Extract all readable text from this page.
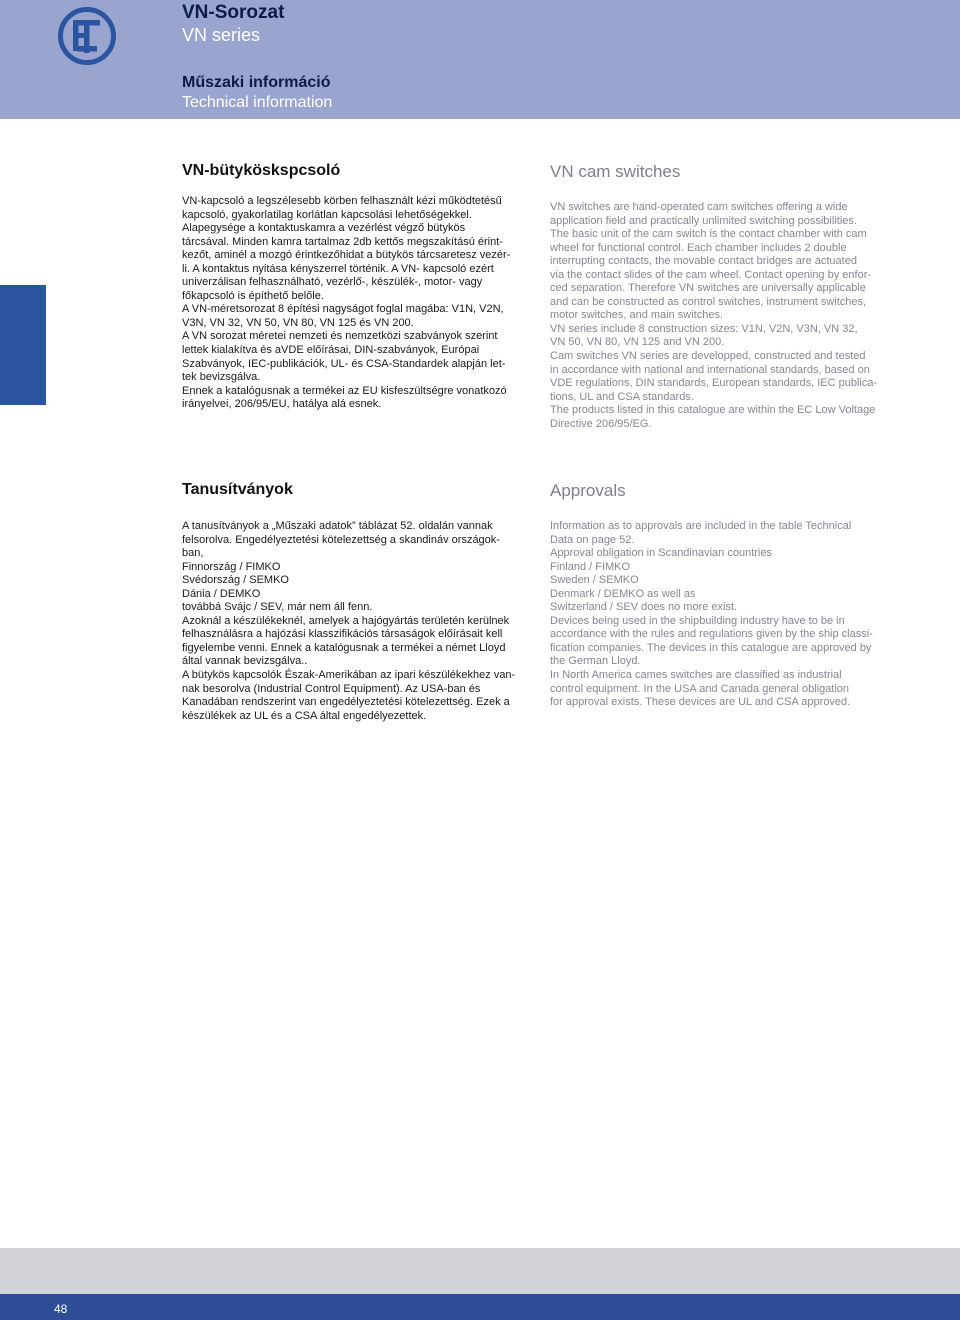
VN-Sorozat
VN series
Műszaki információ
Technical information
VN-bütyköskspcsoló	VN cam switches

VN-kapcsoló a legszélesebb körben felhasznált kézi működtetésű
kapcsoló, gyakorlatilag korlátlan kapcsolási lehetőségekkel.
Alapegysége a kontaktuskamra a vezérlést végző bütykös
tárcsával. Minden kamra tartalmaz 2db kettős megszakítású érint-
kezőt, aminél a mozgó érintkezőhidat a bütykös tárcsaretesz vezér-
li. A kontaktus nyitása kényszerrel történik. A VN- kapcsoló ezért
univerzálisan felhasználható, vezérlő-, készülék-, motor- vagy
főkapcsoló is építhető belőle.
A VN-méretsorozat 8 építési nagyságot foglal magába: V1N, V2N,
V3N, VN 32, VN 50, VN 80, VN 125 és VN 200.
A VN sorozat méretei nemzeti és nemzetközi szabványok szerint
lettek kialakítva és aVDE előírásai, DIN-szabványok, Európai
Szabványok, IEC-publikációk, UL- és CSA-Standardek alapján let-
tek bevizsgálva.
Ennek a katalógusnak a termékei az EU kisfeszültségre vonatkozó
irányelvei, 206/95/EU, hatálya alá esnek.

VN switches are hand-operated cam switches offering a wide
application field and practically unlimited switching possibilities.
The basic unit of the cam switch is the contact chamber with cam
wheel for functional control. Each chamber includes 2 double
interrupting contacts, the movable contact bridges are actuated
via the contact slides of the cam wheel. Contact opening by enfor-
ced separation. Therefore VN switches are universally applicable
and can be constructed as control switches, instrument switches,
motor switches, and main switches.
VN series include 8 construction sizes: V1N, V2N, V3N, VN 32,
VN 50, VN 80, VN 125 and VN 200.
Cam switches VN series are developped, constructed and tested
in accordance with national and international standards, based on
VDE regulations, DIN standards, European standards, IEC publica-
tions, UL and CSA standards.
The products listed in this catalogue are within the EC Low Voltage
Directive 206/95/EG.

Tanusítványok	Approvals

A tanusítványok a „Műszaki adatok” táblázat 52. oldalán vannak
felsorolva. Engedélyeztetési kötelezettség a skandináv országok-
ban,
Finnország / FIMKO
Svédország / SEMKO
Dánia / DEMKO
továbbá Svájc / SEV, már nem áll fenn.
Azoknál a készülékeknél, amelyek a hajógyártás területén kerülnek
felhasználásra a hajózási klasszifikációs társaságok előírásait kell
figyelembe venni. Ennek a katalógusnak a termékei a német Lloyd
által vannak bevizsgálva..
A bütykös kapcsolók Észak-Amerikában az ipari készülékekhez van-
nak besorolva (Industrial Control Equipment). Az USA-ban és
Kanadában rendszerint van engedélyeztetési kötelezettség. Ezek a
készülékek az UL és a CSA által engedélyezettek.

Information as to approvals are included in the table Technical
Data on page 52.
Approval obligation in Scandinavian countries
Finland / FIMKO
Sweden / SEMKO
Denmark / DEMKO as well as
Switzerland / SEV does no more exist.
Devices being used in the shipbuilding industry have to be in
accordance with the rules and regulations given by the ship classi-
fication companies. The devices in this catalogue are approved by
the German Lloyd.
In North America cames switches are classified as industrial
control equipment. In the USA and Canada general obligation
for approval exists. These devices are UL and CSA approved.

48
